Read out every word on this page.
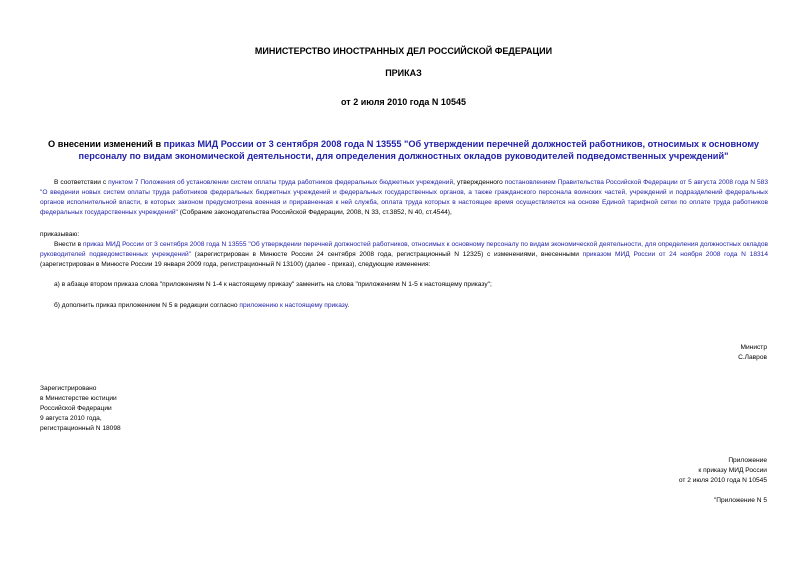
МИНИСТЕРСТВО ИНОСТРАННЫХ ДЕЛ РОССИЙСКОЙ ФЕДЕРАЦИИ
ПРИКАЗ
от 2 июля 2010 года N 10545
О внесении изменений в приказ МИД России от 3 сентября 2008 года N 13555 "Об утверждении перечней должностей работников, относимых к основному персоналу по видам экономической деятельности, для определения должностных окладов руководителей подведомственных учреждений"
В соответствии с пунктом 7 Положения об установлении систем оплаты труда работников федеральных бюджетных учреждений, утвержденного постановлением Правительства Российской Федерации от 5 августа 2008 года N 583 "О введении новых систем оплаты труда работников федеральных бюджетных учреждений и федеральных государственных органов, а также гражданского персонала воинских частей, учреждений и подразделений федеральных органов исполнительной власти, в которых законом предусмотрена военная и приравненная к ней служба, оплата труда которых в настоящее время осуществляется на основе Единой тарифной сетки по оплате труда работников федеральных государственных учреждений" (Собрание законодательства Российской Федерации, 2008, N 33, ст.3852, N 40, ст.4544),
приказываю:
Внести в приказ МИД России от 3 сентября 2008 года N 13555 "Об утверждении перечней должностей работников, относимых к основному персоналу по видам экономической деятельности, для определения должностных окладов руководителей подведомственных учреждений" (зарегистрирован в Минюсте России 24 сентября 2008 года, регистрационный N 12325) с изменениями, внесенными приказом МИД России от 24 ноября 2008 года N 18314 (зарегистрирован в Минюсте России 19 января 2009 года, регистрационный N 13100) (далее - приказ), следующие изменения:
а) в абзаце втором приказа слова "приложениям N 1-4 к настоящему приказу" заменить на слова "приложениям N 1-5 к настоящему приказу";
б) дополнить приказ приложением N 5 в редакции согласно приложению к настоящему приказу.
Министр
С.Лавров
Зарегистрировано
в Министерстве юстиции
Российской Федерации
9 августа 2010 года,
регистрационный N 18098
Приложение
к приказу МИД России
от 2 июля 2010 года N 10545
"Приложение N 5
